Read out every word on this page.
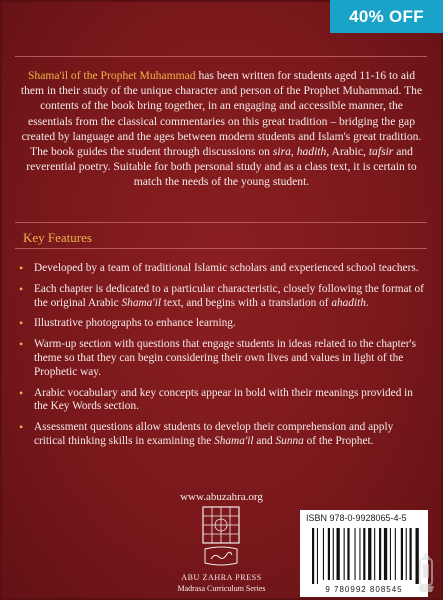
Shama'il of the Prophet Muhammad has been written for students aged 11-16 to aid them in their study of the unique character and person of the Prophet Muhammad. The contents of the book bring together, in an engaging and accessible manner, the essentials from the classical commentaries on this great tradition – bridging the gap created by language and the ages between modern students and Islam's great tradition. The book guides the student through discussions on sira, hadith, Arabic, tafsir and reverential poetry. Suitable for both personal study and as a class text, it is certain to match the needs of the young student.

Key Features
• Developed by a team of traditional Islamic scholars and experienced school teachers.
• Each chapter is dedicated to a particular characteristic, closely following the format of the original Arabic Shama'il text, and begins with a translation of ahadith.
• Illustrative photographs to enhance learning.
• Warm-up section with questions that engage students in ideas related to the chapter's theme so that they can begin considering their own lives and values in light of the Prophetic way.
• Arabic vocabulary and key concepts appear in bold with their meanings provided in the Key Words section.
• Assessment questions allow students to develop their comprehension and apply critical thinking skills in examining the Shama'il and Sunna of the Prophet.

www.abuzahra.org

ABU ZAHRA PRESS

Madrasa Curriculum Series

ISBN 978-0-9928065-4-5

9 780992 808545

40% OFF
